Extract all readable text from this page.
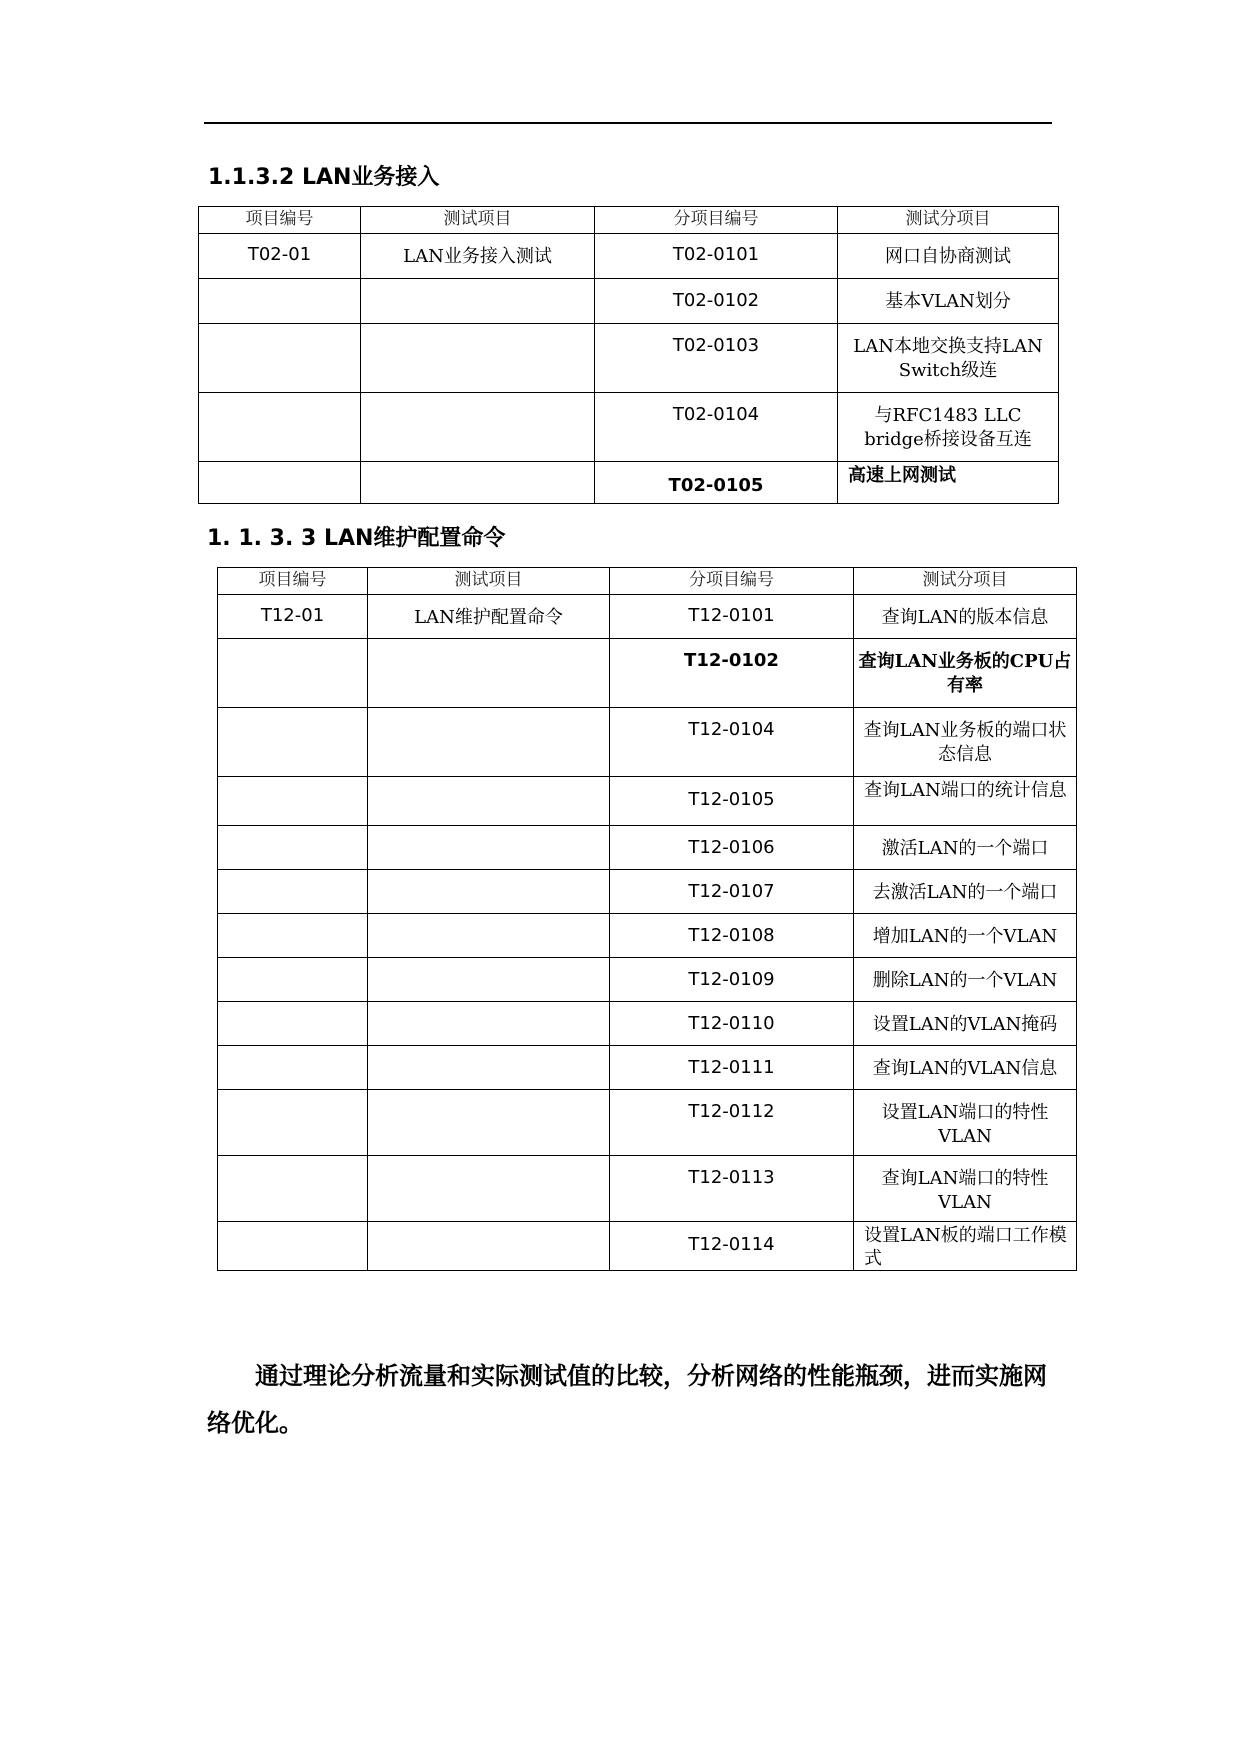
1.1.3.2 LAN业务接入
项目编号	测试项目	分项目编号	测试分项目
T02-01	LAN业务接入测试	T02-0101	网口自协商测试
		T02-0102	基本VLAN划分
		T02-0103	LAN本地交换支持LAN Switch级连
		T02-0104	与RFC1483 LLC bridge桥接设备互连
		T02-0105	高速上网测试
1. 1. 3. 3 LAN维护配置命令
项目编号	测试项目	分项目编号	测试分项目
T12-01	LAN维护配置命令	T12-0101	查询LAN的版本信息
		T12-0102	查询LAN业务板的CPU占有率
		T12-0104	查询LAN业务板的端口状态信息
		T12-0105	查询LAN端口的统计信息
		T12-0106	激活LAN的一个端口
		T12-0107	去激活LAN的一个端口
		T12-0108	增加LAN的一个VLAN
		T12-0109	删除LAN的一个VLAN
		T12-0110	设置LAN的VLAN掩码
		T12-0111	查询LAN的VLAN信息
		T12-0112	设置LAN端口的特性VLAN
		T12-0113	查询LAN端口的特性VLAN
		T12-0114	设置LAN板的端口工作模式
通过理论分析流量和实际测试值的比较，分析网络的性能瓶颈，进而实施网络优化。
